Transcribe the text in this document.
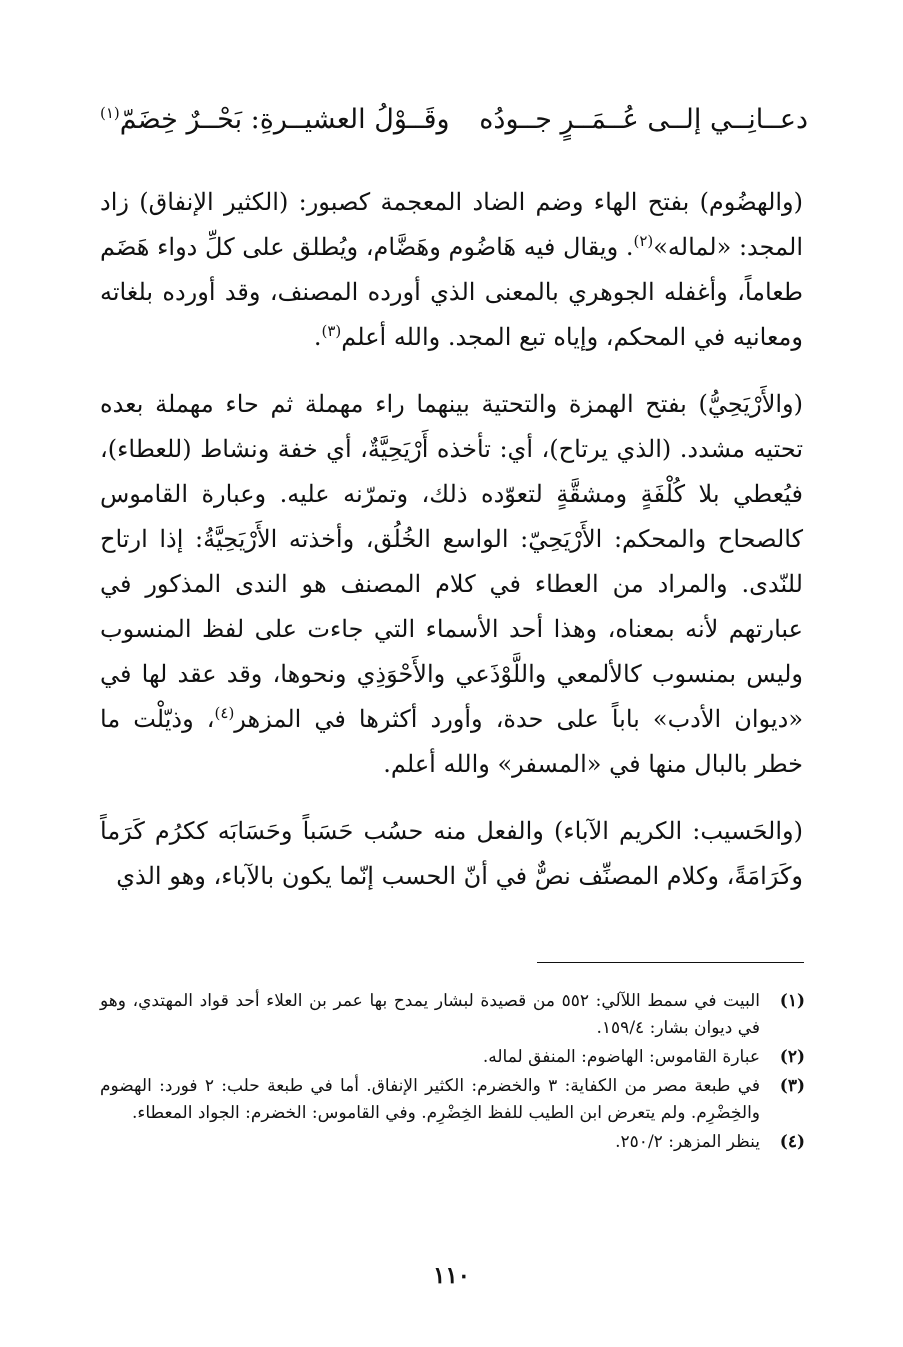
دعــانِــي إلــى عُــمَــرٍ جــودُه
وقَــوْلُ العشيــرةِ: بَحْــرٌ خِضَمّ$^{(١)}$

(والهضُوم) بفتح الهاء وضم الضاد المعجمة كصبور: (الكثير الإنفاق) زاد المجد: «لماله»$^{(٢)}$. ويقال فيه هَاضُوم وهَضَّام، ويُطلق على كلِّ دواء هَضَم طعاماً، وأغفله الجوهري بالمعنى الذي أورده المصنف، وقد أورده بلغاته ومعانيه في المحكم، وإياه تبع المجد. والله أعلم$^{(٣)}$.

(والأَرْيَحِيُّ) بفتح الهمزة والتحتية بينهما راء مهملة ثم حاء مهملة بعده تحتيه مشدد. (الذي يرتاح)، أي: تأخذه أَرْيَحِيَّةٌ، أي خفة ونشاط (للعطاء)، فيُعطي بلا كُلْفَةٍ ومشقَّةٍ لتعوّده ذلك، وتمرّنه عليه. وعبارة القاموس كالصحاح والمحكم: الأَرْيَحِيّ: الواسع الخُلُق، وأخذته الأَرْيَحِيَّةُ: إذا ارتاح للنّدى. والمراد من العطاء في كلام المصنف هو الندى المذكور في عبارتهم لأنه بمعناه، وهذا أحد الأسماء التي جاءت على لفظ المنسوب وليس بمنسوب كالألمعي واللَّوْذَعي والأَحْوَذِي ونحوها، وقد عقد لها في «ديوان الأدب» باباً على حدة، وأورد أكثرها في المزهر$^{(٤)}$، وذيّلْت ما خطر بالبال منها في «المسفر» والله أعلم.

(والحَسيب: الكريم الآباء) والفعل منه حسُب حَسَباً وحَسَابَه ككرُم كَرَماً وكَرَامَةً، وكلام المصنِّف نصٌّ في أنّ الحسب إنّما يكون بالآباء، وهو الذي

(١)
البيت في سمط اللآلي: ٥٥٢ من قصيدة لبشار يمدح بها عمر بن العلاء أحد قواد المهتدي، وهو في ديوان بشار: ١٥٩/٤.
(٢)
عبارة القاموس: الهاضوم: المنفق لماله.
(٣)
في طبعة مصر من الكفاية: ٣ والخضرم: الكثير الإنفاق. أما في طبعة حلب: ٢ فورد: الهضوم والخِضْرِم. ولم يتعرض ابن الطيب للفظ الخِضْرِم. وفي القاموس: الخضرم: الجواد المعطاء.
(٤)
ينظر المزهر: ٢٥٠/٢.
١١٠
